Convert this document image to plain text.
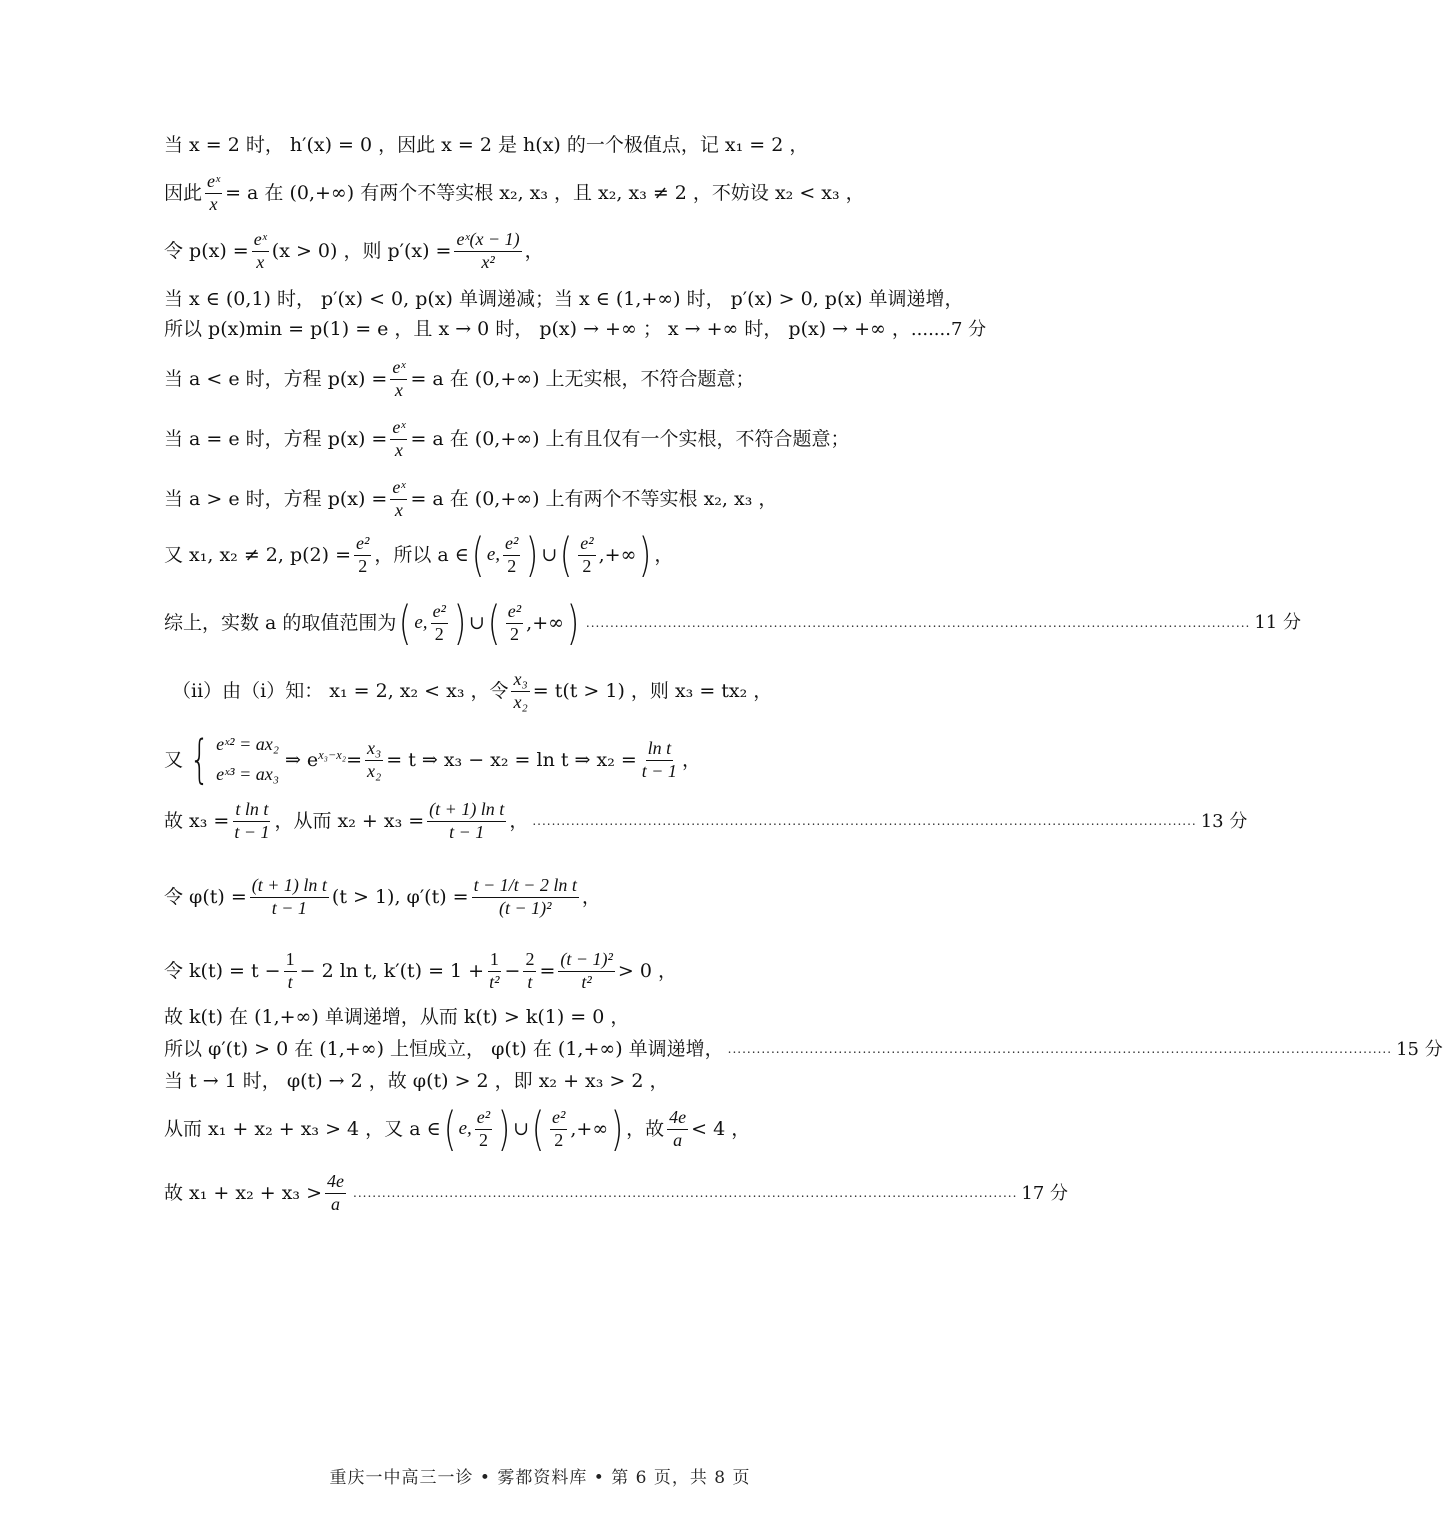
当 x = 2 时， h′(x) = 0 ，因此 x = 2 是 h(x) 的一个极值点，记 x₁ = 2 ，
因此 $\frac{\text{eˣ}}{x} = a$ 在 (0,+∞) 有两个不等实根 x₂, x₃ ，且 x₂, x₃ ≠ 2 ，不妨设 x₂ < x₃ ，
令 $p(x) = \frac{\text{eˣ}}{x} (x > 0)$ ，则 $p'(x) = \frac{\text{eˣ(x − 1)}}{\text{x²}}$ ，
当 x ∈ (0,1) 时， p′(x) < 0, p(x) 单调递减；当 x ∈ (1,+∞) 时， p′(x) > 0, p(x) 单调递增，
所以 p(x)min = p(1) = e ，且 x → 0 时， p(x) → +∞ ； x → +∞ 时， p(x) → +∞ ， .......7 分
当 a < e 时，方程 $p(x) = \frac{\text{eˣ}}{x} = a$ 在 (0,+∞) 上无实根，不符合题意；
当 a = e 时，方程 $p(x) = \frac{\text{eˣ}}{x} = a$ 在 (0,+∞) 上有且仅有一个实根，不符合题意；
当 a > e 时，方程 $p(x) = \frac{\text{eˣ}}{x} = a$ 在 (0,+∞) 上有两个不等实根 x₂, x₃ ，
又 x₁, x₂ ≠ 2, $p(2) = \frac{\text{e²}}{2}$ ，所以 a ∈ ( e, $\frac{\text{e²}}{2}$ ) ∪ ( $\frac{\text{e²}}{2}$ ,+∞ ) ，
综上，实数 a 的取值范围为 ( e, $\frac{\text{e²}}{2}$ ) ∪ ( $\frac{\text{e²}}{2}$ ,+∞ ) .......................................................................................................................................... 11 分
（ii）由（i）知： x₁ = 2, x₂ < x₃ ，令 $\frac{\text{x₃}}{\text{x₂}} = t(t > 1)$ ，则 x₃ = tx₂ ，
又 { eˣ² = ax₂
eˣ³ = ax₃
⇒ $e^{x_3-x_2} = \frac{\text{x₃}}{\text{x₂}} = t$ ⇒ x₃ − x₂ = ln t ⇒ $x_2 = \frac{\text{ln t}}{t - 1}$ ，
故 $x_3 = \frac{\text{t ln t}}{t - 1}$ ，从而 $x_2 + x_3 = \frac{\text{(t + 1) ln t}}{t - 1}$ ， .......................................................................................................................................... 13 分
令 $\varphi(t) = \frac{\text{(t + 1) ln t}}{t - 1} (t > 1)$, $\varphi'(t) = \frac{\text{t − 1/t − 2 ln t}}{\text{(t − 1)²}}$ ，
令 $k(t) = t - \frac{1}{t} - 2$ ln t, $k'(t) = 1 + \frac{1}{\text{t²}} - \frac{2}{t} = \frac{\text{(t − 1)²}}{\text{t²}} > 0$ ，
故 k(t) 在 (1,+∞) 单调递增，从而 k(t) > k(1) = 0 ，
所以 φ′(t) > 0 在 (1,+∞) 上恒成立， φ(t) 在 (1,+∞) 单调递增， .......................................................................................................................................... 15 分
当 t → 1 时， φ(t) → 2 ，故 φ(t) > 2 ，即 x₂ + x₃ > 2 ，
从而 x₁ + x₂ + x₃ > 4 ，又 a ∈ ( e, $\frac{\text{e²}}{2}$ ) ∪ ( $\frac{\text{e²}}{2}$ ,+∞ ) ，故 $\frac{4e}{a} < 4$ ，
故 $x_1 + x_2 + x_3 > \frac{4e}{a}$ .......................................................................................................................................... 17 分
重庆一中高三一诊 • 雾都资料库 • 第 6 页，共 8 页
